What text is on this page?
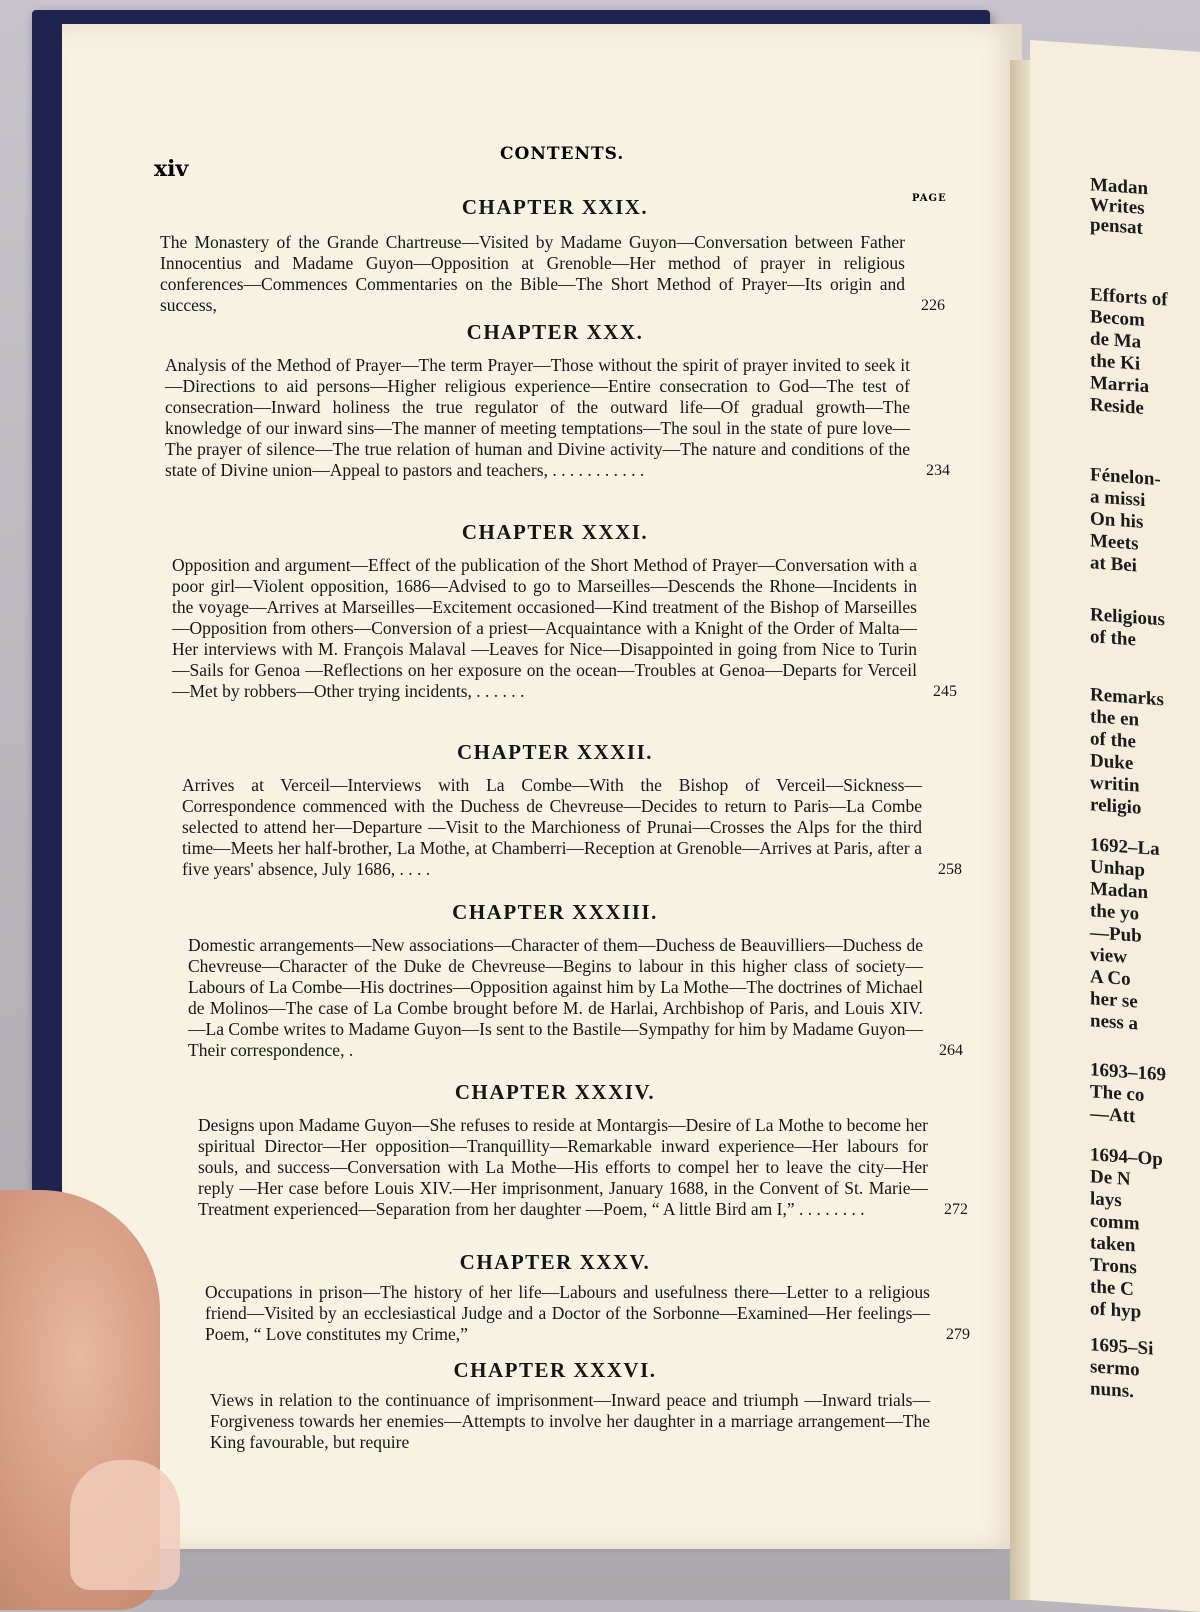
Madan
Writes
pensat
Efforts of
Becom
de Ma
the Ki
Marria
Reside
Fénelon-
a missi
On his
Meets
at Bei
Religious
of the
Remarks
the en
of the
Duke
writin
religio
1692–La
Unhap
Madan
the yo
—Pub
view
A Co
her se
ness a
1693–169
The co
—Att
1694–Op
De N
lays
comm
taken
Trons
the C
of hyp
1695–Si
sermo
nuns.
xiv
CONTENTS.
PAGE
CHAPTER XXIX.
The Monastery of the Grande Chartreuse—Visited by Madame Guyon—Conversation between Father Innocentius and Madame Guyon—Opposition at Grenoble—Her method of prayer in religious conferences—Commences Commentaries on the Bible—The Short Method of Prayer—Its origin and success,	226
CHAPTER XXX.
Analysis of the Method of Prayer—The term Prayer—Those without the spirit of prayer invited to seek it—Directions to aid persons—Higher religious experience—Entire consecration to God—The test of consecration—Inward holiness the true regulator of the outward life—Of gradual growth—The knowledge of our inward sins—The manner of meeting temptations—The soul in the state of pure love—The prayer of silence—The true relation of human and Divine activity—The nature and conditions of the state of Divine union—Appeal to pastors and teachers, . . . . . . . . . . .	234
CHAPTER XXXI.
Opposition and argument—Effect of the publication of the Short Method of Prayer—Conversation with a poor girl—Violent opposition, 1686—Advised to go to Marseilles—Descends the Rhone—Incidents in the voyage—Arrives at Marseilles—Excitement occasioned—Kind treatment of the Bishop of Marseilles—Opposition from others—Conversion of a priest—Acquaintance with a Knight of the Order of Malta—Her interviews with M. François Malaval —Leaves for Nice—Disappointed in going from Nice to Turin—Sails for Genoa —Reflections on her exposure on the ocean—Troubles at Genoa—Departs for Verceil—Met by robbers—Other trying incidents, . . . . . .	245
CHAPTER XXXII.
Arrives at Verceil—Interviews with La Combe—With the Bishop of Verceil—Sickness—Correspondence commenced with the Duchess de Chevreuse—Decides to return to Paris—La Combe selected to attend her—Departure —Visit to the Marchioness of Prunai—Crosses the Alps for the third time—Meets her half-brother, La Mothe, at Chamberri—Reception at Grenoble—Arrives at Paris, after a five years' absence, July 1686, . . . .	258
CHAPTER XXXIII.
Domestic arrangements—New associations—Character of them—Duchess de Beauvilliers—Duchess de Chevreuse—Character of the Duke de Chevreuse—Begins to labour in this higher class of society—Labours of La Combe—His doctrines—Opposition against him by La Mothe—The doctrines of Michael de Molinos—The case of La Combe brought before M. de Harlai, Archbishop of Paris, and Louis XIV.—La Combe writes to Madame Guyon—Is sent to the Bastile—Sympathy for him by Madame Guyon—Their correspondence, .	264
CHAPTER XXXIV.
Designs upon Madame Guyon—She refuses to reside at Montargis—Desire of La Mothe to become her spiritual Director—Her opposition—Tranquillity—Remarkable inward experience—Her labours for souls, and success—Conversation with La Mothe—His efforts to compel her to leave the city—Her reply —Her case before Louis XIV.—Her imprisonment, January 1688, in the Convent of St. Marie—Treatment experienced—Separation from her daughter —Poem, “ A little Bird am I,” . . . . . . . .	272
CHAPTER XXXV.
Occupations in prison—The history of her life—Labours and usefulness there—Letter to a religious friend—Visited by an ecclesiastical Judge and a Doctor of the Sorbonne—Examined—Her feelings—Poem, “ Love constitutes my Crime,”	279
CHAPTER XXXVI.
Views in relation to the continuance of imprisonment—Inward peace and triumph —Inward trials—Forgiveness towards her enemies—Attempts to involve her daughter in a marriage arrangement—The King favourable, but require
